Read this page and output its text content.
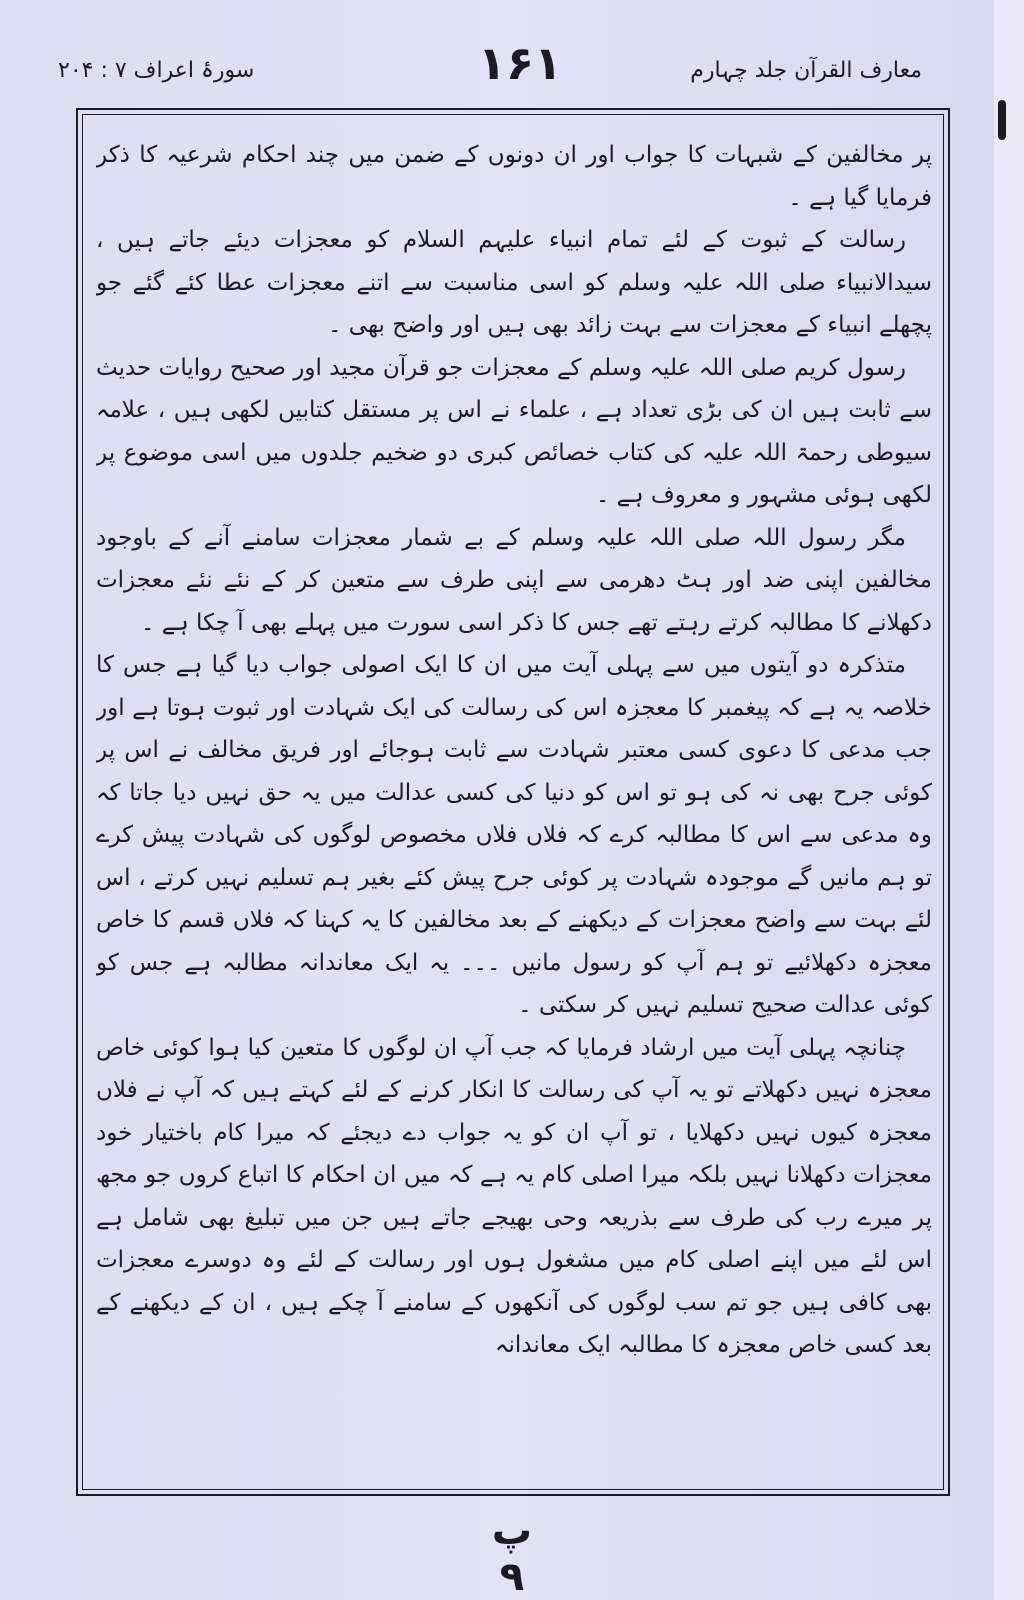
معارف القرآن جلد چہارم
۱۶۱
سورۂ اعراف ۷ : ۲۰۴

پر مخالفین کے شبہات کا جواب اور ان دونوں کے ضمن میں چند احکام شرعیہ کا ذکر فرمایا گیا ہے ۔

رسالت کے ثبوت کے لئے تمام انبیاء علیہم السلام کو معجزات دیئے جاتے ہیں ، سیدالانبیاء صلی اللہ علیہ وسلم کو اسی مناسبت سے اتنے معجزات عطا کئے گئے جو پچھلے انبیاء کے معجزات سے بہت زائد بھی ہیں اور واضح بھی ۔

رسول کریم صلی اللہ علیہ وسلم کے معجزات جو قرآن مجید اور صحیح روایات حدیث سے ثابت ہیں ان کی بڑی تعداد ہے ، علماء نے اس پر مستقل کتابیں لکھی ہیں ، علامہ سیوطی رحمۃ اللہ علیہ کی کتاب خصائص کبری دو ضخیم جلدوں میں اسی موضوع پر لکھی ہوئی مشہور و معروف ہے ۔

مگر رسول اللہ صلی اللہ علیہ وسلم کے بے شمار معجزات سامنے آنے کے باوجود مخالفین اپنی ضد اور ہٹ دھرمی سے اپنی طرف سے متعین کر کے نئے نئے معجزات دکھلانے کا مطالبہ کرتے رہتے تھے جس کا ذکر اسی سورت میں پہلے بھی آ چکا ہے ۔

متذکرہ دو آیتوں میں سے پہلی آیت میں ان کا ایک اصولی جواب دیا گیا ہے جس کا خلاصہ یہ ہے کہ پیغمبر کا معجزہ اس کی رسالت کی ایک شہادت اور ثبوت ہوتا ہے اور جب مدعی کا دعوی کسی معتبر شہادت سے ثابت ہوجائے اور فریق مخالف نے اس پر کوئی جرح بھی نہ کی ہو تو اس کو دنیا کی کسی عدالت میں یہ حق نہیں دیا جاتا کہ وہ مدعی سے اس کا مطالبہ کرے کہ فلاں فلاں مخصوص لوگوں کی شہادت پیش کرے تو ہم مانیں گے موجودہ شہادت پر کوئی جرح پیش کئے بغیر ہم تسلیم نہیں کرتے ، اس لئے بہت سے واضح معجزات کے دیکھنے کے بعد مخالفین کا یہ کہنا کہ فلاں قسم کا خاص معجزہ دکھلائیے تو ہم آپ کو رسول مانیں ۔۔۔ یہ ایک معاندانہ مطالبہ ہے جس کو کوئی عدالت صحیح تسلیم نہیں کر سکتی ۔

چنانچہ پہلی آیت میں ارشاد فرمایا کہ جب آپ ان لوگوں کا متعین کیا ہوا کوئی خاص معجزہ نہیں دکھلاتے تو یہ آپ کی رسالت کا انکار کرنے کے لئے کہتے ہیں کہ آپ نے فلاں معجزہ کیوں نہیں دکھلایا ، تو آپ ان کو یہ جواب دے دیجئے کہ میرا کام باختیار خود معجزات دکھلانا نہیں بلکہ میرا اصلی کام یہ ہے کہ میں ان احکام کا اتباع کروں جو مجھ پر میرے رب کی طرف سے بذریعہ وحی بھیجے جاتے ہیں جن میں تبلیغ بھی شامل ہے اس لئے میں اپنے اصلی کام میں مشغول ہوں اور رسالت کے لئے وہ دوسرے معجزات بھی کافی ہیں جو تم سب لوگوں کی آنکھوں کے سامنے آ چکے ہیں ، ان کے دیکھنے کے بعد کسی خاص معجزہ کا مطالبہ ایک معاندانہ

پ ۹
